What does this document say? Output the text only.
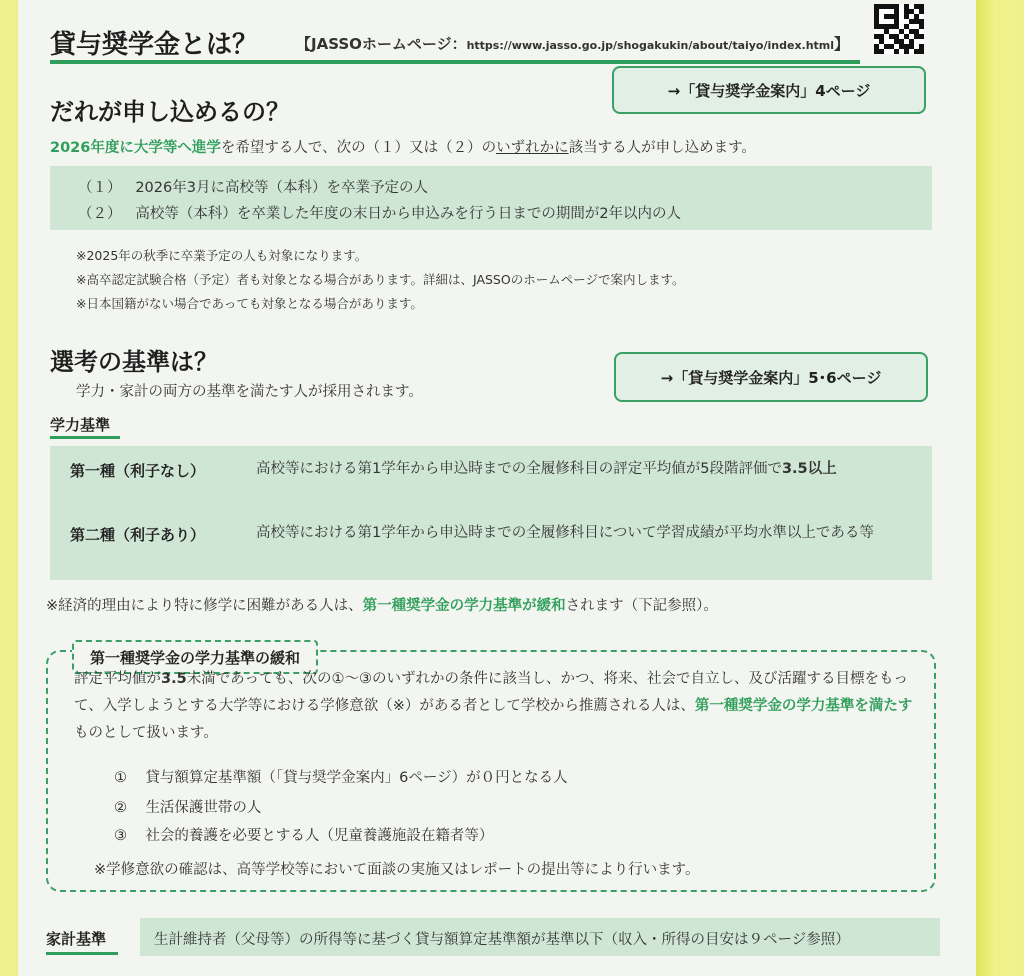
貸与奨学金とは？	【JASSOホームページ：https://www.jasso.go.jp/shogakukin/about/taiyo/index.html】
だれが申し込めるの？
→「貸与奨学金案内」4ページ
2026年度に大学等へ進学を希望する人で、次の（１）又は（２）のいずれかに該当する人が申し込めます。
（１） 2026年3月に高校等（本科）を卒業予定の人
（２） 高校等（本科）を卒業した年度の末日から申込みを行う日までの期間が2年以内の人
※2025年の秋季に卒業予定の人も対象になります。
※高卒認定試験合格（予定）者も対象となる場合があります。詳細は、JASSOのホームページで案内します。
※日本国籍がない場合であっても対象となる場合があります。
選考の基準は？
学力・家計の両方の基準を満たす人が採用されます。
→「貸与奨学金案内」5･6ページ
学力基準
第一種（利子なし）	高校等における第1学年から申込時までの全履修科目の評定平均値が5段階評価で3.5以上
第二種（利子あり）	高校等における第1学年から申込時までの全履修科目について学習成績が平均水準以上である等
※経済的理由により特に修学に困難がある人は、第一種奨学金の学力基準が緩和されます（下記参照）。
第一種奨学金の学力基準の緩和
評定平均値が3.5未満であっても、次の①～③のいずれかの条件に該当し、かつ、将来、社会で自立し、及び活躍する目標をもって、入学しようとする大学等における学修意欲（※）がある者として学校から推薦される人は、第一種奨学金の学力基準を満たすものとして扱います。
① 貸与額算定基準額（「貸与奨学金案内」6ページ）が０円となる人
② 生活保護世帯の人
③ 社会的養護を必要とする人（児童養護施設在籍者等）
※学修意欲の確認は、高等学校等において面談の実施又はレポートの提出等により行います。
家計基準	生計維持者（父母等）の所得等に基づく貸与額算定基準額が基準以下（収入・所得の目安は９ページ参照）
